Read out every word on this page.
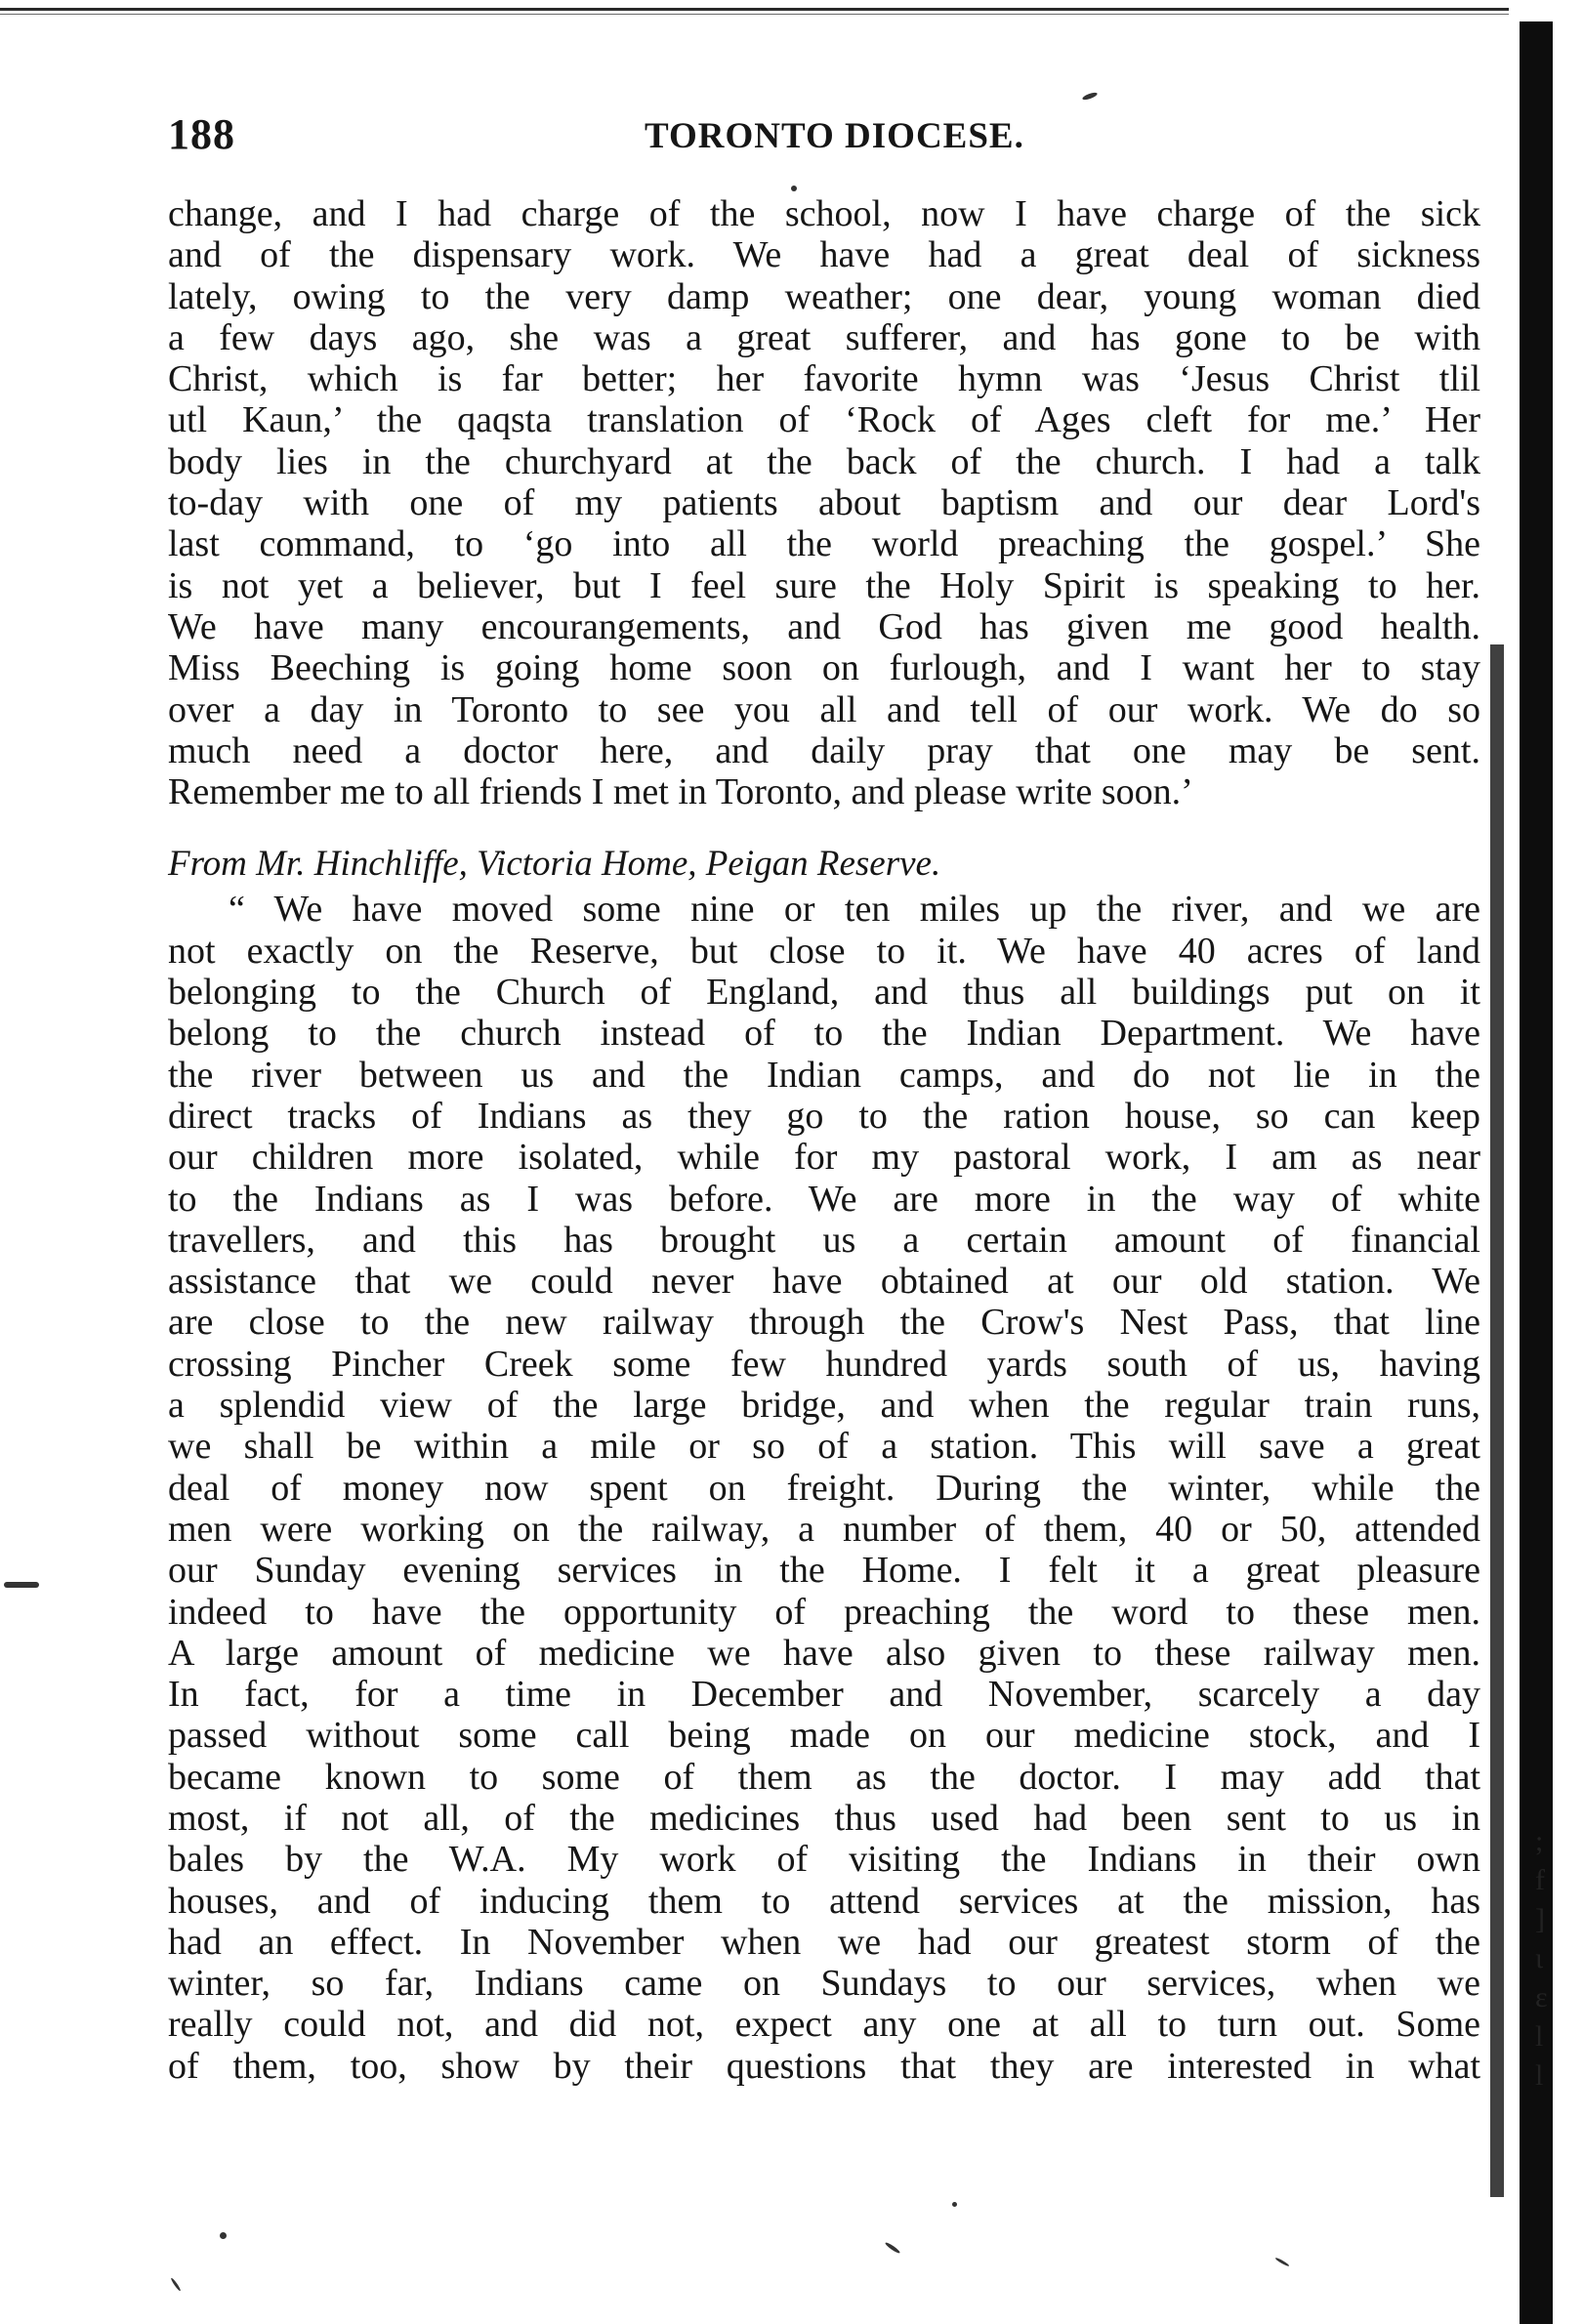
188	TORONTO DIOCESE.
change, and I had charge of the school, now I have charge of the sick
and of the dispensary work. We have had a great deal of sickness
lately, owing to the very damp weather; one dear, young woman died
a few days ago, she was a great sufferer, and has gone to be with
Christ, which is far better; her favorite hymn was ‘Jesus Christ tlil
utl Kaun,’ the qaqsta translation of ‘Rock of Ages cleft for me.’ Her
body lies in the churchyard at the back of the church. I had a talk
to-day with one of my patients about baptism and our dear Lord's
last command, to ‘go into all the world preaching the gospel.’ She
is not yet a believer, but I feel sure the Holy Spirit is speaking to her.
We have many encourangements, and God has given me good health.
Miss Beeching is going home soon on furlough, and I want her to stay
over a day in Toronto to see you all and tell of our work. We do so
much need a doctor here, and daily pray that one may be sent.
Remember me to all friends I met in Toronto, and please write soon.’
From Mr. Hinchliffe, Victoria Home, Peigan Reserve.
“ We have moved some nine or ten miles up the river, and we are
not exactly on the Reserve, but close to it. We have 40 acres of land
belonging to the Church of England, and thus all buildings put on it
belong to the church instead of to the Indian Department. We have
the river between us and the Indian camps, and do not lie in the
direct tracks of Indians as they go to the ration house, so can keep
our children more isolated, while for my pastoral work, I am as near
to the Indians as I was before. We are more in the way of white
travellers, and this has brought us a certain amount of financial
assistance that we could never have obtained at our old station. We
are close to the new railway through the Crow's Nest Pass, that line
crossing Pincher Creek some few hundred yards south of us, having
a splendid view of the large bridge, and when the regular train runs,
we shall be within a mile or so of a station. This will save a great
deal of money now spent on freight. During the winter, while the
men were working on the railway, a number of them, 40 or 50, attended
our Sunday evening services in the Home. I felt it a great pleasure
indeed to have the opportunity of preaching the word to these men.
A large amount of medicine we have also given to these railway men.
In fact, for a time in December and November, scarcely a day
passed without some call being made on our medicine stock, and I
became known to some of them as the doctor. I may add that
most, if not all, of the medicines thus used had been sent to us in
bales by the W.A. My work of visiting the Indians in their own
houses, and of inducing them to attend services at the mission, has
had an effect. In November when we had our greatest storm of the
winter, so far, Indians came on Sundays to our services, when we
really could not, and did not, expect any one at all to turn out. Some
of them, too, show by their questions that they are interested in what
;
f
]
ι
ɛ
l
l
